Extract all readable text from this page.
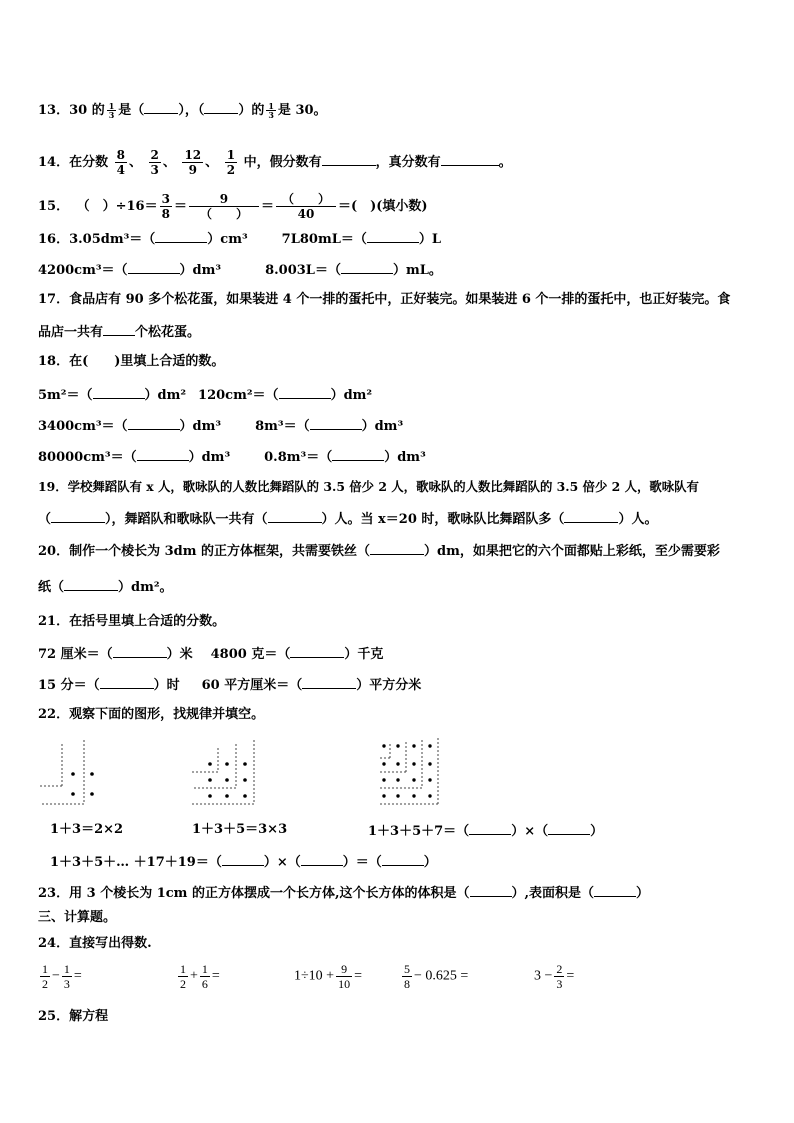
13．30 的 $\frac{1}{3}$ 是（	），（	）的 $\frac{1}{3}$ 是 30。
14．在分数 $\frac{8}{4}$ 、 $\frac{2}{3}$ 、 $\frac{12}{9}$ 、 $\frac{1}{2}$ 中，假分数有	，真分数有	。
15． （　）$\div 16= \frac{3}{8}$ ＝	9
（　　）	＝ （　　）
40	＝(　)(填小数)
16．3.05dm³＝（	）cm³	7L80mL＝（	）L
4200cm³＝（	）dm³	8.003L＝（	）mL。
17．食品店有 90 多个松花蛋，如果装进 4 个一排的蛋托中，正好装完。如果装进 6 个一排的蛋托中，也正好装完。食
品店一共有 个松花蛋。
18．在(　　)里填上合适的数。
5m²＝（	）dm² 120cm²＝（	）dm²
3400cm³＝（	）dm³	8m³＝（	）dm³
80000cm³＝（	）dm³	0.8m³＝（	）dm³
19．学校舞蹈队有 x 人，歌咏队的人数比舞蹈队的 3.5 倍少 2 人，歌咏队的人数比舞蹈队的 3.5 倍少 2 人，歌咏队有
（	），舞蹈队和歌咏队一共有（	）人。当 x＝20 时，歌咏队比舞蹈队多（	）人。
20．制作一个棱长为 3dm 的正方体框架，共需要铁丝（	）dm，如果把它的六个面都贴上彩纸，至少需要彩
纸（	）dm²。
21．在括号里填上合适的分数。
72 厘米＝（	）米 4800 克＝（	）千克
15 分＝（	）时 60 平方厘米＝（	）平方分米
22．观察下面的图形，找规律并填空。
1＋3＝2×2	1＋3＋5＝3×3	1＋3＋5＋7＝（	）×（	）
1＋3＋5＋… ＋17＋19＝（	）×（	）＝（	）
23．用 3 个棱长为 1cm 的正方体摆成一个长方体,这个长方体的体积是（	）,表面积是（	）
三、计算题。
24．直接写出得数.
$\frac{1}{2} - \frac{1}{3}$ =	$\frac{1}{2} + \frac{1}{6}$ =	$1\div 10 + \frac{9}{10}$ =	$\frac{5}{8} - 0.625$ =	$3 - \frac{2}{3}$ =
25．解方程
